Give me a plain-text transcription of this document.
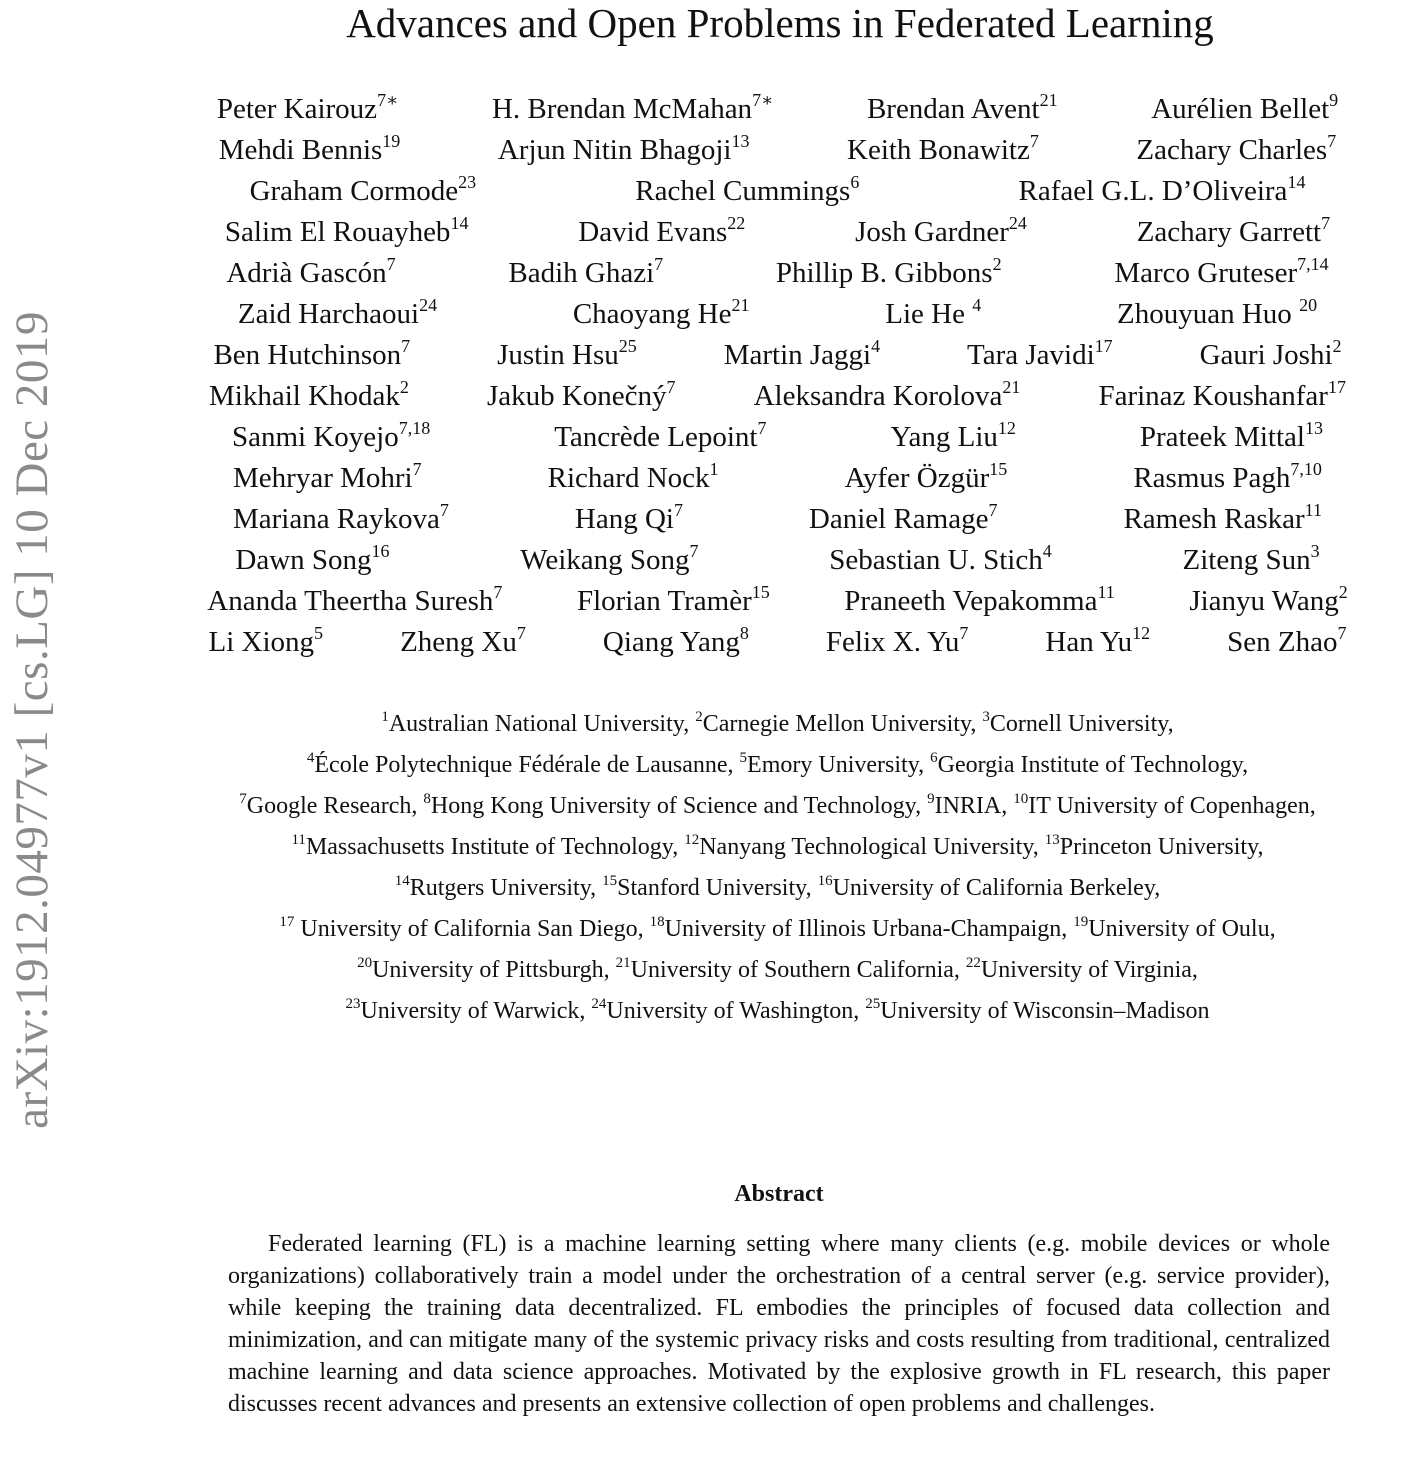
arXiv:1912.04977v1 [cs.LG] 10 Dec 2019
Advances and Open Problems in Federated Learning
Peter Kairouz$^{7∗}$	H. Brendan McMahan$^{7∗}$	Brendan Avent$^{21}$	Aurélien Bellet$^9$
Mehdi Bennis$^{19}$	Arjun Nitin Bhagoji$^{13}$	Keith Bonawitz$^7$	Zachary Charles$^7$
Graham Cormode$^{23}$	Rachel Cummings$^6$	Rafael G.L. D’Oliveira$^{14}$
Salim El Rouayheb$^{14}$	David Evans$^{22}$	Josh Gardner$^{24}$	Zachary Garrett$^7$
Adrià Gascón$^7$	Badih Ghazi$^7$	Phillip B. Gibbons$^2$	Marco Gruteser$^{7,14}$
Zaid Harchaoui$^{24}$	Chaoyang He$^{21}$	Lie He $^4$	Zhouyuan Huo $^{20}$
Ben Hutchinson$^7$	Justin Hsu$^{25}$	Martin Jaggi$^4$	Tara Javidi$^{17}$	Gauri Joshi$^2$
Mikhail Khodak$^2$	Jakub Konečný$^7$	Aleksandra Korolova$^{21}$	Farinaz Koushanfar$^{17}$
Sanmi Koyejo$^{7,18}$	Tancrède Lepoint$^7$	Yang Liu$^{12}$	Prateek Mittal$^{13}$
Mehryar Mohri$^7$	Richard Nock$^1$	Ayfer Özgür$^{15}$	Rasmus Pagh$^{7,10}$
Mariana Raykova$^7$	Hang Qi$^7$	Daniel Ramage$^7$	Ramesh Raskar$^{11}$
Dawn Song$^{16}$	Weikang Song$^7$	Sebastian U. Stich$^4$	Ziteng Sun$^3$
Ananda Theertha Suresh$^7$	Florian Tramèr$^{15}$	Praneeth Vepakomma$^{11}$	Jianyu Wang$^2$
Li Xiong$^5$	Zheng Xu$^7$	Qiang Yang$^8$	Felix X. Yu$^7$	Han Yu$^{12}$	Sen Zhao$^7$
$^1$Australian National University, $^2$Carnegie Mellon University, $^3$Cornell University,
$^4$École Polytechnique Fédérale de Lausanne, $^5$Emory University, $^6$Georgia Institute of Technology,
$^7$Google Research, $^8$Hong Kong University of Science and Technology, $^9$INRIA, $^{10}$IT University of Copenhagen,
$^{11}$Massachusetts Institute of Technology, $^{12}$Nanyang Technological University, $^{13}$Princeton University,
$^{14}$Rutgers University, $^{15}$Stanford University, $^{16}$University of California Berkeley,
$^{17}$ University of California San Diego, $^{18}$University of Illinois Urbana-Champaign, $^{19}$University of Oulu,
$^{20}$University of Pittsburgh, $^{21}$University of Southern California, $^{22}$University of Virginia,
$^{23}$University of Warwick, $^{24}$University of Washington, $^{25}$University of Wisconsin–Madison
Abstract

Federated learning (FL) is a machine learning setting where many clients (e.g. mobile devices or whole organizations) collaboratively train a model under the orchestration of a central server (e.g. service provider), while keeping the training data decentralized. FL embodies the principles of focused data collection and minimization, and can mitigate many of the systemic privacy risks and costs resulting from traditional, centralized machine learning and data science approaches. Motivated by the explosive growth in FL research, this paper discusses recent advances and presents an extensive collection of open problems and challenges.
